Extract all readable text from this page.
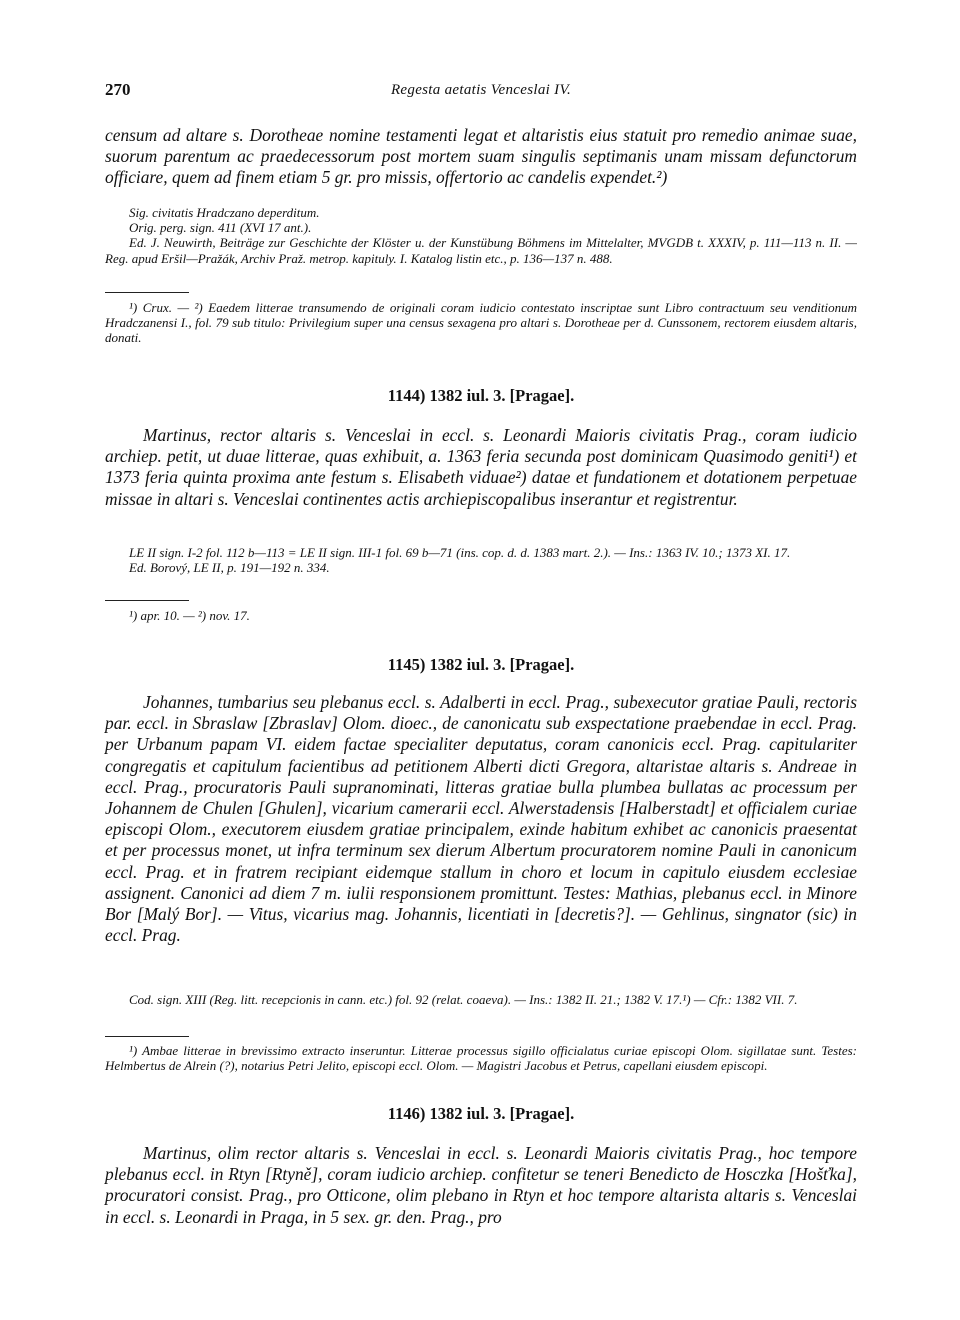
270	Regesta aetatis Venceslai IV.

censum ad altare s. Dorotheae nomine testamenti legat et altaristis eius statuit pro remedio animae suae, suorum parentum ac praedecessorum post mortem suam singulis septimanis unam missam defunctorum officiare, quem ad finem etiam 5 gr. pro missis, offertorio ac candelis expendet.²)

Sig. civitatis Hradczano deperditum.
Orig. perg. sign. 411 (XVI 17 ant.).
Ed. J. Neuwirth, Beiträge zur Geschichte der Klöster u. der Kunstübung Böhmens im Mittelalter, MVGDB t. XXXIV, p. 111—113 n. II. — Reg. apud Eršil—Pražák, Archiv Praž. metrop. kapituly. I. Katalog listin etc., p. 136—137 n. 488.

¹) Crux. — ²) Eaedem litterae transumendo de originali coram iudicio contestato inscriptae sunt Libro contractuum seu venditionum Hradczanensi I., fol. 79 sub titulo: Privilegium super una census sexagena pro altari s. Dorotheae per d. Cunssonem, rectorem eiusdem altaris, donati.

1144) 1382 iul. 3. [Pragae].

Martinus, rector altaris s. Venceslai in eccl. s. Leonardi Maioris civitatis Prag., coram iudicio archiep. petit, ut duae litterae, quas exhibuit, a. 1363 feria secunda post dominicam Quasimodo geniti¹) et 1373 feria quinta proxima ante festum s. Elisabeth viduae²) datae et fundationem et dotationem perpetuae missae in altari s. Venceslai continentes actis archiepiscopalibus inserantur et registrentur.

LE II sign. I-2 fol. 112 b—113 = LE II sign. III-1 fol. 69 b—71 (ins. cop. d. d. 1383 mart. 2.). — Ins.: 1363 IV. 10.; 1373 XI. 17.
Ed. Borový, LE II, p. 191—192 n. 334.

¹) apr. 10. — ²) nov. 17.

1145) 1382 iul. 3. [Pragae].

Johannes, tumbarius seu plebanus eccl. s. Adalberti in eccl. Prag., subexecutor gratiae Pauli, rectoris par. eccl. in Sbraslaw [Zbraslav] Olom. dioec., de canonicatu sub exspectatione praebendae in eccl. Prag. per Urbanum papam VI. eidem factae specialiter deputatus, coram canonicis eccl. Prag. capitulariter congregatis et capitulum facientibus ad petitionem Alberti dicti Gregora, altaristae altaris s. Andreae in eccl. Prag., procuratoris Pauli supranominati, litteras gratiae bulla plumbea bullatas ac processum per Johannem de Chulen [Ghulen], vicarium camerarii eccl. Alwerstadensis [Halberstadt] et officialem curiae episcopi Olom., executorem eiusdem gratiae principalem, exinde habitum exhibet ac canonicis praesentat et per processus monet, ut infra terminum sex dierum Albertum procuratorem nomine Pauli in canonicum eccl. Prag. et in fratrem recipiant eidemque stallum in choro et locum in capitulo eiusdem ecclesiae assignent. Canonici ad diem 7 m. iulii responsionem promittunt. Testes: Mathias, plebanus eccl. in Minore Bor [Malý Bor]. — Vitus, vicarius mag. Johannis, licentiati in [decretis?]. — Gehlinus, singnator (sic) in eccl. Prag.

Cod. sign. XIII (Reg. litt. recepcionis in cann. etc.) fol. 92 (relat. coaeva). — Ins.: 1382 II. 21.; 1382 V. 17.¹) — Cfr.: 1382 VII. 7.

¹) Ambae litterae in brevissimo extracto inseruntur. Litterae processus sigillo officialatus curiae episcopi Olom. sigillatae sunt. Testes: Helmbertus de Alrein (?), notarius Petri Jelito, episcopi eccl. Olom. — Magistri Jacobus et Petrus, capellani eiusdem episcopi.

1146) 1382 iul. 3. [Pragae].

Martinus, olim rector altaris s. Venceslai in eccl. s. Leonardi Maioris civitatis Prag., hoc tempore plebanus eccl. in Rtyn [Rtyně], coram iudicio archiep. confitetur se teneri Benedicto de Hosczka [Hošťka], procuratori consist. Prag., pro Otticone, olim plebano in Rtyn et hoc tempore altarista altaris s. Venceslai in eccl. s. Leonardi in Praga, in 5 sex. gr. den. Prag., pro
